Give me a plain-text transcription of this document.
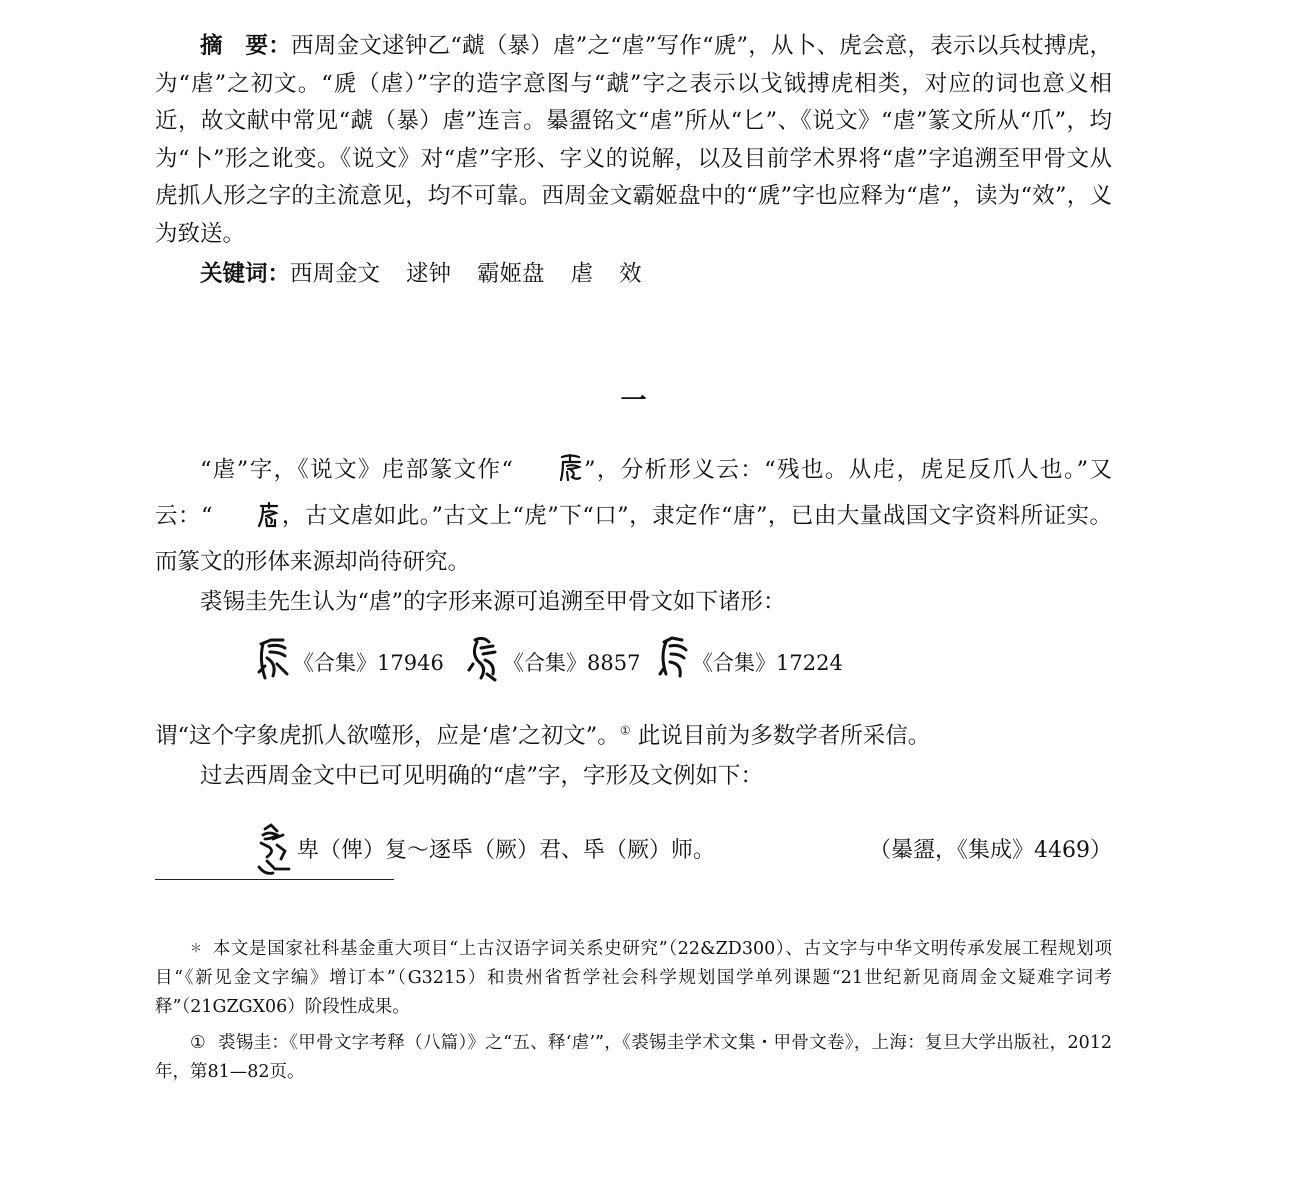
摘　要：西周金文逑钟乙“虣（暴）虐”之“虐”写作“虒”，从卜、虎会意，表示以兵杖搏虎，为“虐”之初文。“虒（虐）”字的造字意图与“虣”字之表示以戈钺搏虎相类，对应的词也意义相近，故文献中常见“虣（暴）虐”连言。曓盨铭文“虐”所从“匕”、《说文》“虐”篆文所从“爪”，均为“卜”形之讹变。《说文》对“虐”字形、字义的说解，以及目前学术界将“虐”字追溯至甲骨文从虎抓人形之字的主流意见，均不可靠。西周金文霸姬盘中的“虒”字也应释为“虐”，读为“效”，义为致送。

关键词：西周金文 逑钟 霸姬盘 虐 效
一

“虐”字，《说文》虍部篆文作“	”，分析形义云：“残也。从虍，虎足反爪人也。”又云：“	，古文虐如此。”古文上“虎”下“口”，隶定作“唐”，已由大量战国文字资料所证实。而篆文的形体来源却尚待研究。

裘锡圭先生认为“虐”的字形来源可追溯至甲骨文如下诸形：

《合集》17946	《合集》8857	《合集》17224

谓“这个字象虎抓人欲噬形，应是‘虐’之初文”。① 此说目前为多数学者所采信。

过去西周金文中已可见明确的“虐”字，字形及文例如下：

卑（俾）复～逐氒（厥）君、氒（厥）师。	（曓盨，《集成》4469）

＊ 本文是国家社科基金重大项目“上古汉语字词关系史研究”（22&ZD300）、古文字与中华文明传承发展工程规划项目“《新见金文字编》增订本”（G3215）和贵州省哲学社会科学规划国学单列课题“21世纪新见商周金文疑难字词考释”（21GZGX06）阶段性成果。

① 裘锡圭：《甲骨文字考释（八篇）》之“五、释‘虐’”，《裘锡圭学术文集・甲骨文卷》，上海：复旦大学出版社，2012年，第81—82页。
